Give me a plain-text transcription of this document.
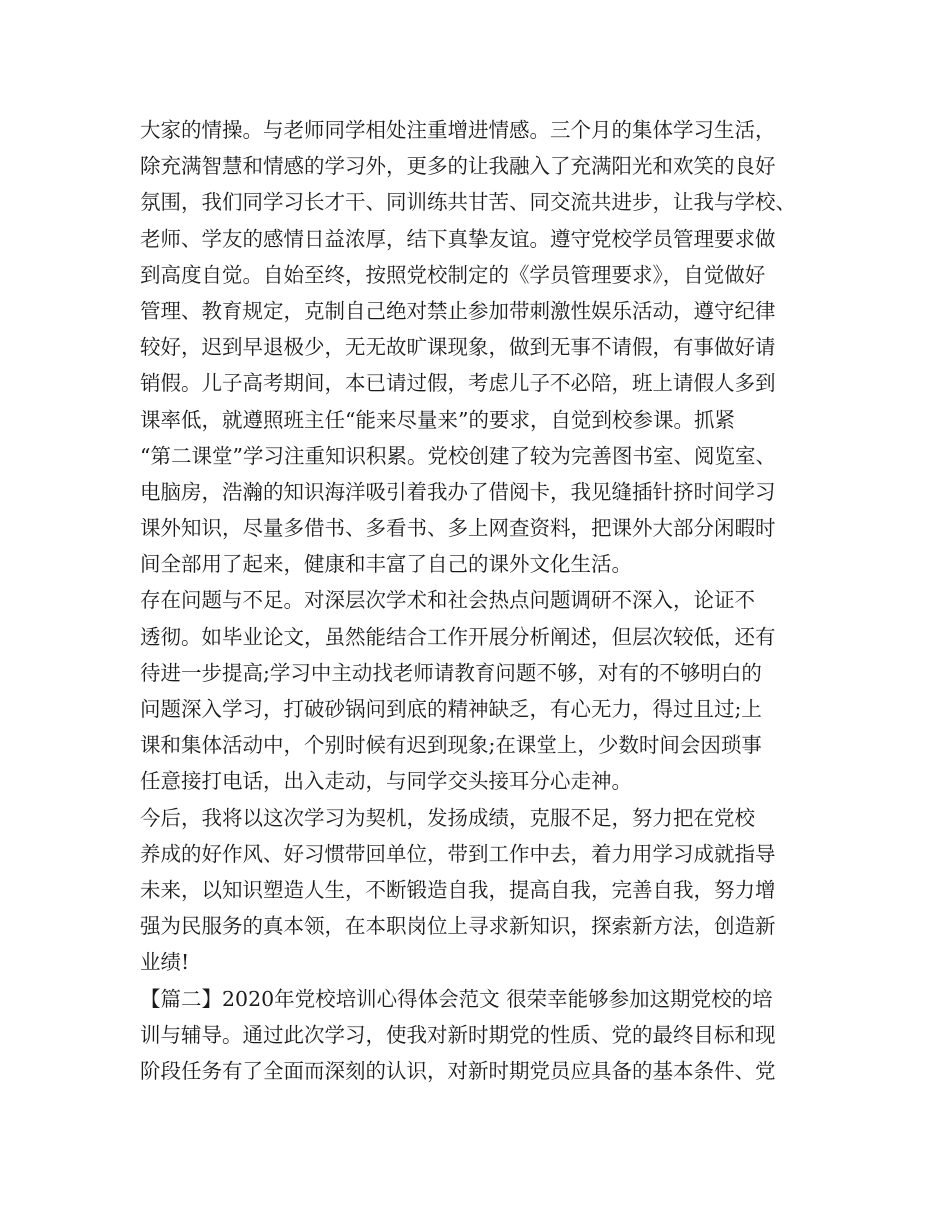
大家的情操。与老师同学相处注重增进情感。三个月的集体学习生活，
除充满智慧和情感的学习外，更多的让我融入了充满阳光和欢笑的良好
氛围，我们同学习长才干、同训练共甘苦、同交流共进步，让我与学校、
老师、学友的感情日益浓厚，结下真挚友谊。遵守党校学员管理要求做
到高度自觉。自始至终，按照党校制定的《学员管理要求》，自觉做好
管理、教育规定，克制自己绝对禁止参加带刺激性娱乐活动，遵守纪律
较好，迟到早退极少，无无故旷课现象，做到无事不请假，有事做好请
销假。儿子高考期间，本已请过假，考虑儿子不必陪，班上请假人多到
课率低，就遵照班主任“能来尽量来”的要求，自觉到校参课。抓紧
“第二课堂”学习注重知识积累。党校创建了较为完善图书室、阅览室、
电脑房，浩瀚的知识海洋吸引着我办了借阅卡，我见缝插针挤时间学习
课外知识，尽量多借书、多看书、多上网查资料，把课外大部分闲暇时
间全部用了起来，健康和丰富了自己的课外文化生活。
存在问题与不足。对深层次学术和社会热点问题调研不深入，论证不
透彻。如毕业论文，虽然能结合工作开展分析阐述，但层次较低，还有
待进一步提高;学习中主动找老师请教育问题不够，对有的不够明白的
问题深入学习，打破砂锅问到底的精神缺乏，有心无力，得过且过;上
课和集体活动中，个别时候有迟到现象;在课堂上，少数时间会因琐事
任意接打电话，出入走动，与同学交头接耳分心走神。
今后，我将以这次学习为契机，发扬成绩，克服不足，努力把在党校
养成的好作风、好习惯带回单位，带到工作中去，着力用学习成就指导
未来，以知识塑造人生，不断锻造自我，提高自我，完善自我，努力增
强为民服务的真本领，在本职岗位上寻求新知识，探索新方法，创造新
业绩!
【篇二】2020年党校培训心得体会范文 很荣幸能够参加这期党校的培
训与辅导。通过此次学习，使我对新时期党的性质、党的最终目标和现
阶段任务有了全面而深刻的认识，对新时期党员应具备的基本条件、党
